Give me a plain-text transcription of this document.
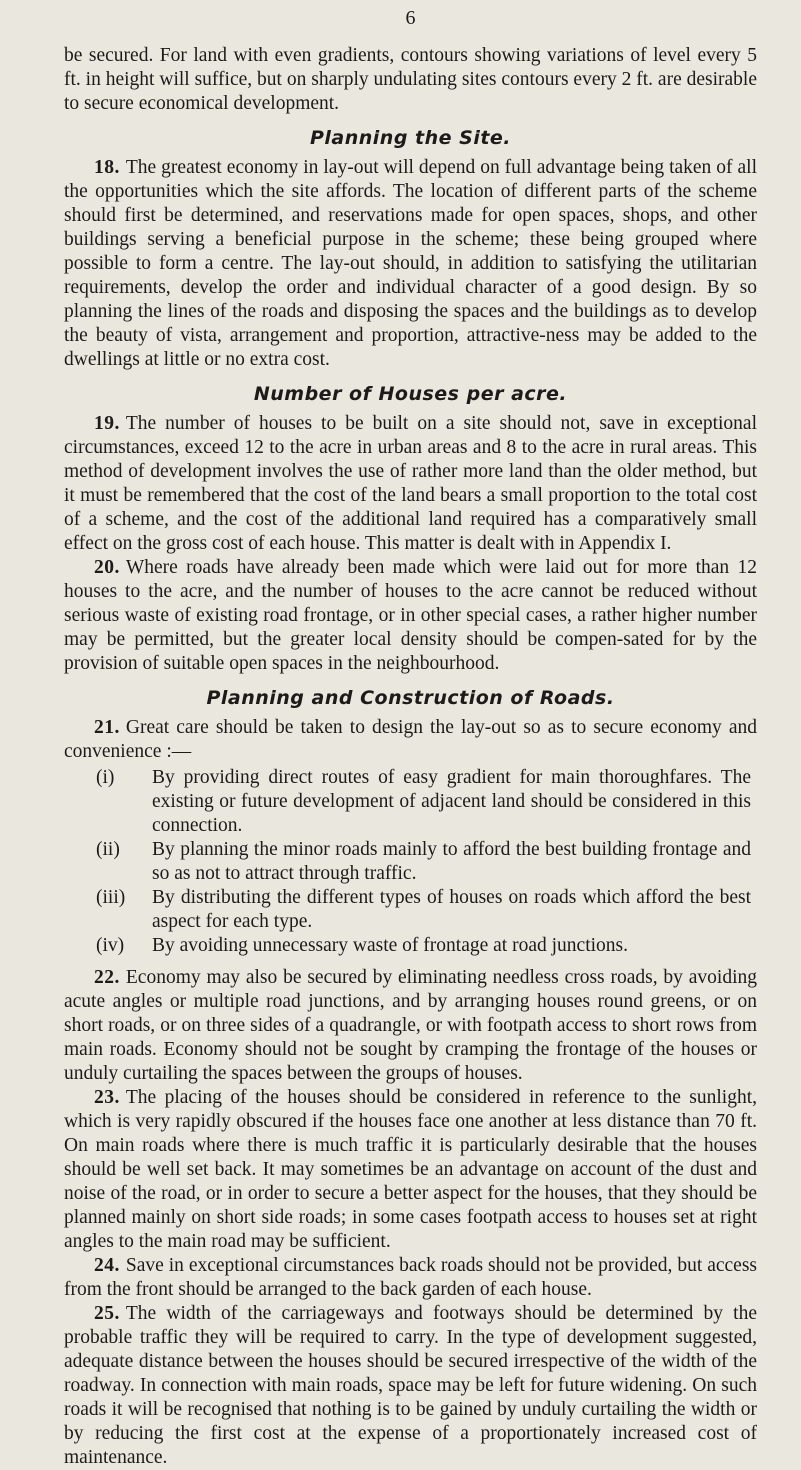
6

be secured. For land with even gradients, contours showing variations of level every 5 ft. in height will suffice, but on sharply undulating sites contours every 2 ft. are desirable to secure economical development.

Planning the Site.

18. The greatest economy in lay-out will depend on full advantage being taken of all the opportunities which the site affords. The location of different parts of the scheme should first be determined, and reservations made for open spaces, shops, and other buildings serving a beneficial purpose in the scheme; these being grouped where possible to form a centre. The lay-out should, in addition to satisfying the utilitarian requirements, develop the order and individual character of a good design. By so planning the lines of the roads and disposing the spaces and the buildings as to develop the beauty of vista, arrangement and proportion, attractive-ness may be added to the dwellings at little or no extra cost.

Number of Houses per acre.

19. The number of houses to be built on a site should not, save in exceptional circumstances, exceed 12 to the acre in urban areas and 8 to the acre in rural areas. This method of development involves the use of rather more land than the older method, but it must be remembered that the cost of the land bears a small proportion to the total cost of a scheme, and the cost of the additional land required has a comparatively small effect on the gross cost of each house. This matter is dealt with in Appendix I.

20. Where roads have already been made which were laid out for more than 12 houses to the acre, and the number of houses to the acre cannot be reduced without serious waste of existing road frontage, or in other special cases, a rather higher number may be permitted, but the greater local density should be compen-sated for by the provision of suitable open spaces in the neighbourhood.

Planning and Construction of Roads.

21. Great care should be taken to design the lay-out so as to secure economy and convenience :—

(i)	By providing direct routes of easy gradient for main thoroughfares. The existing or future development of adjacent land should be considered in this connection.
(ii)	By planning the minor roads mainly to afford the best building frontage and so as not to attract through traffic.
(iii)	By distributing the different types of houses on roads which afford the best aspect for each type.
(iv)	By avoiding unnecessary waste of frontage at road junctions.

22. Economy may also be secured by eliminating needless cross roads, by avoiding acute angles or multiple road junctions, and by arranging houses round greens, or on short roads, or on three sides of a quadrangle, or with footpath access to short rows from main roads. Economy should not be sought by cramping the frontage of the houses or unduly curtailing the spaces between the groups of houses.

23. The placing of the houses should be considered in reference to the sunlight, which is very rapidly obscured if the houses face one another at less distance than 70 ft. On main roads where there is much traffic it is particularly desirable that the houses should be well set back. It may sometimes be an advantage on account of the dust and noise of the road, or in order to secure a better aspect for the houses, that they should be planned mainly on short side roads; in some cases footpath access to houses set at right angles to the main road may be sufficient.

24. Save in exceptional circumstances back roads should not be provided, but access from the front should be arranged to the back garden of each house.

25. The width of the carriageways and footways should be determined by the probable traffic they will be required to carry. In the type of development suggested, adequate distance between the houses should be secured irrespective of the width of the roadway. In connection with main roads, space may be left for future widening. On such roads it will be recognised that nothing is to be gained by unduly curtailing the width or by reducing the first cost at the expense of a proportionately increased cost of maintenance.
